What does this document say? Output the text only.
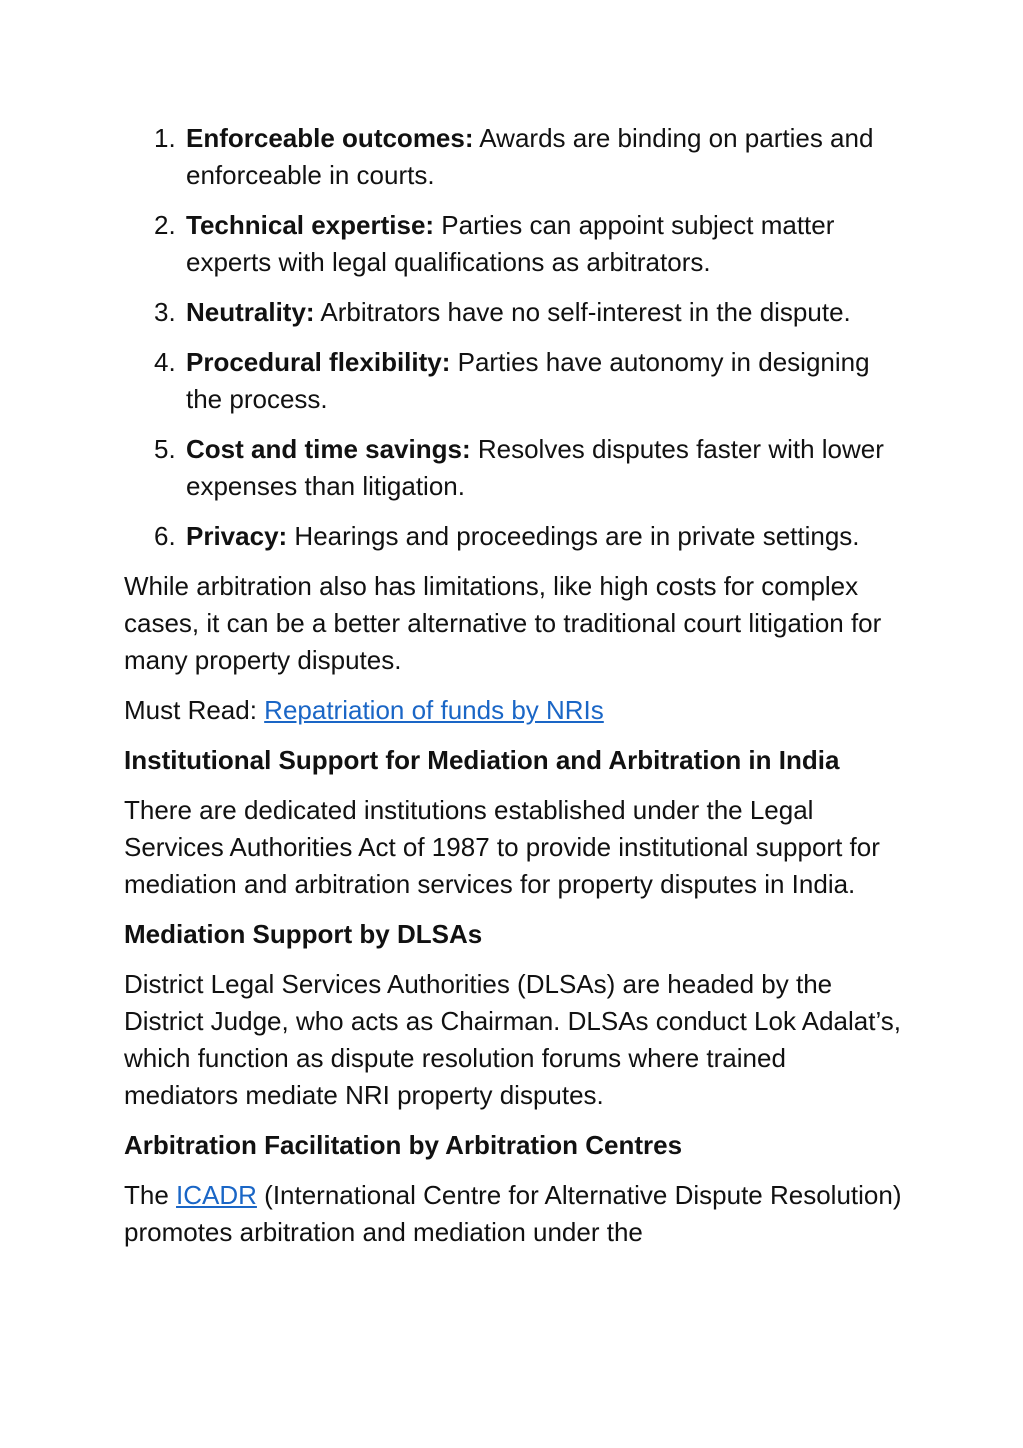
1. Enforceable outcomes: Awards are binding on parties and enforceable in courts.
2. Technical expertise: Parties can appoint subject matter experts with legal qualifications as arbitrators.
3. Neutrality: Arbitrators have no self-interest in the dispute.
4. Procedural flexibility: Parties have autonomy in designing the process.
5. Cost and time savings: Resolves disputes faster with lower expenses than litigation.
6. Privacy: Hearings and proceedings are in private settings.

While arbitration also has limitations, like high costs for complex cases, it can be a better alternative to traditional court litigation for many property disputes.

Must Read: Repatriation of funds by NRIs

Institutional Support for Mediation and Arbitration in India

There are dedicated institutions established under the Legal Services Authorities Act of 1987 to provide institutional support for mediation and arbitration services for property disputes in India.

Mediation Support by DLSAs

District Legal Services Authorities (DLSAs) are headed by the District Judge, who acts as Chairman. DLSAs conduct Lok Adalat’s, which function as dispute resolution forums where trained mediators mediate NRI property disputes.

Arbitration Facilitation by Arbitration Centres

The ICADR (International Centre for Alternative Dispute Resolution) promotes arbitration and mediation under the
